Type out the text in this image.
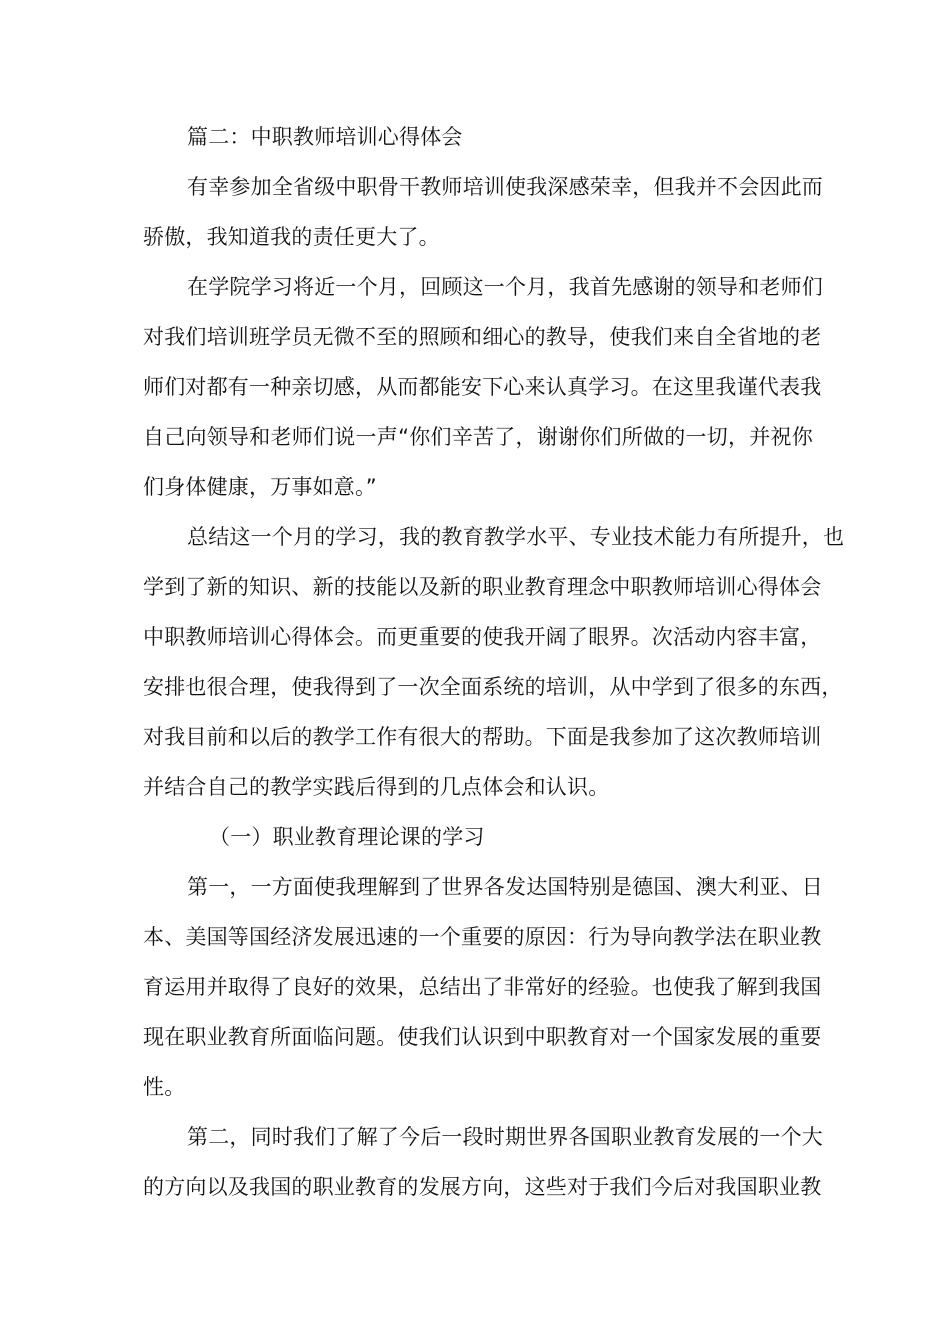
篇二：中职教师培训心得体会
有幸参加全省级中职骨干教师培训使我深感荣幸，但我并不会因此而
骄傲，我知道我的责任更大了。
在学院学习将近一个月，回顾这一个月，我首先感谢的领导和老师们
对我们培训班学员无微不至的照顾和细心的教导，使我们来自全省地的老
师们对都有一种亲切感，从而都能安下心来认真学习。在这里我谨代表我
自己向领导和老师们说一声“你们辛苦了，谢谢你们所做的一切，并祝你
们身体健康，万事如意。”
总结这一个月的学习，我的教育教学水平、专业技术能力有所提升，也
学到了新的知识、新的技能以及新的职业教育理念中职教师培训心得体会
中职教师培训心得体会。而更重要的使我开阔了眼界。次活动内容丰富，
安排也很合理，使我得到了一次全面系统的培训，从中学到了很多的东西，
对我目前和以后的教学工作有很大的帮助。下面是我参加了这次教师培训
并结合自己的教学实践后得到的几点体会和认识。
（一）职业教育理论课的学习
第一，一方面使我理解到了世界各发达国特别是德国、澳大利亚、日
本、美国等国经济发展迅速的一个重要的原因：行为导向教学法在职业教
育运用并取得了良好的效果，总结出了非常好的经验。也使我了解到我国
现在职业教育所面临问题。使我们认识到中职教育对一个国家发展的重要
性。
第二，同时我们了解了今后一段时期世界各国职业教育发展的一个大
的方向以及我国的职业教育的发展方向，这些对于我们今后对我国职业教
